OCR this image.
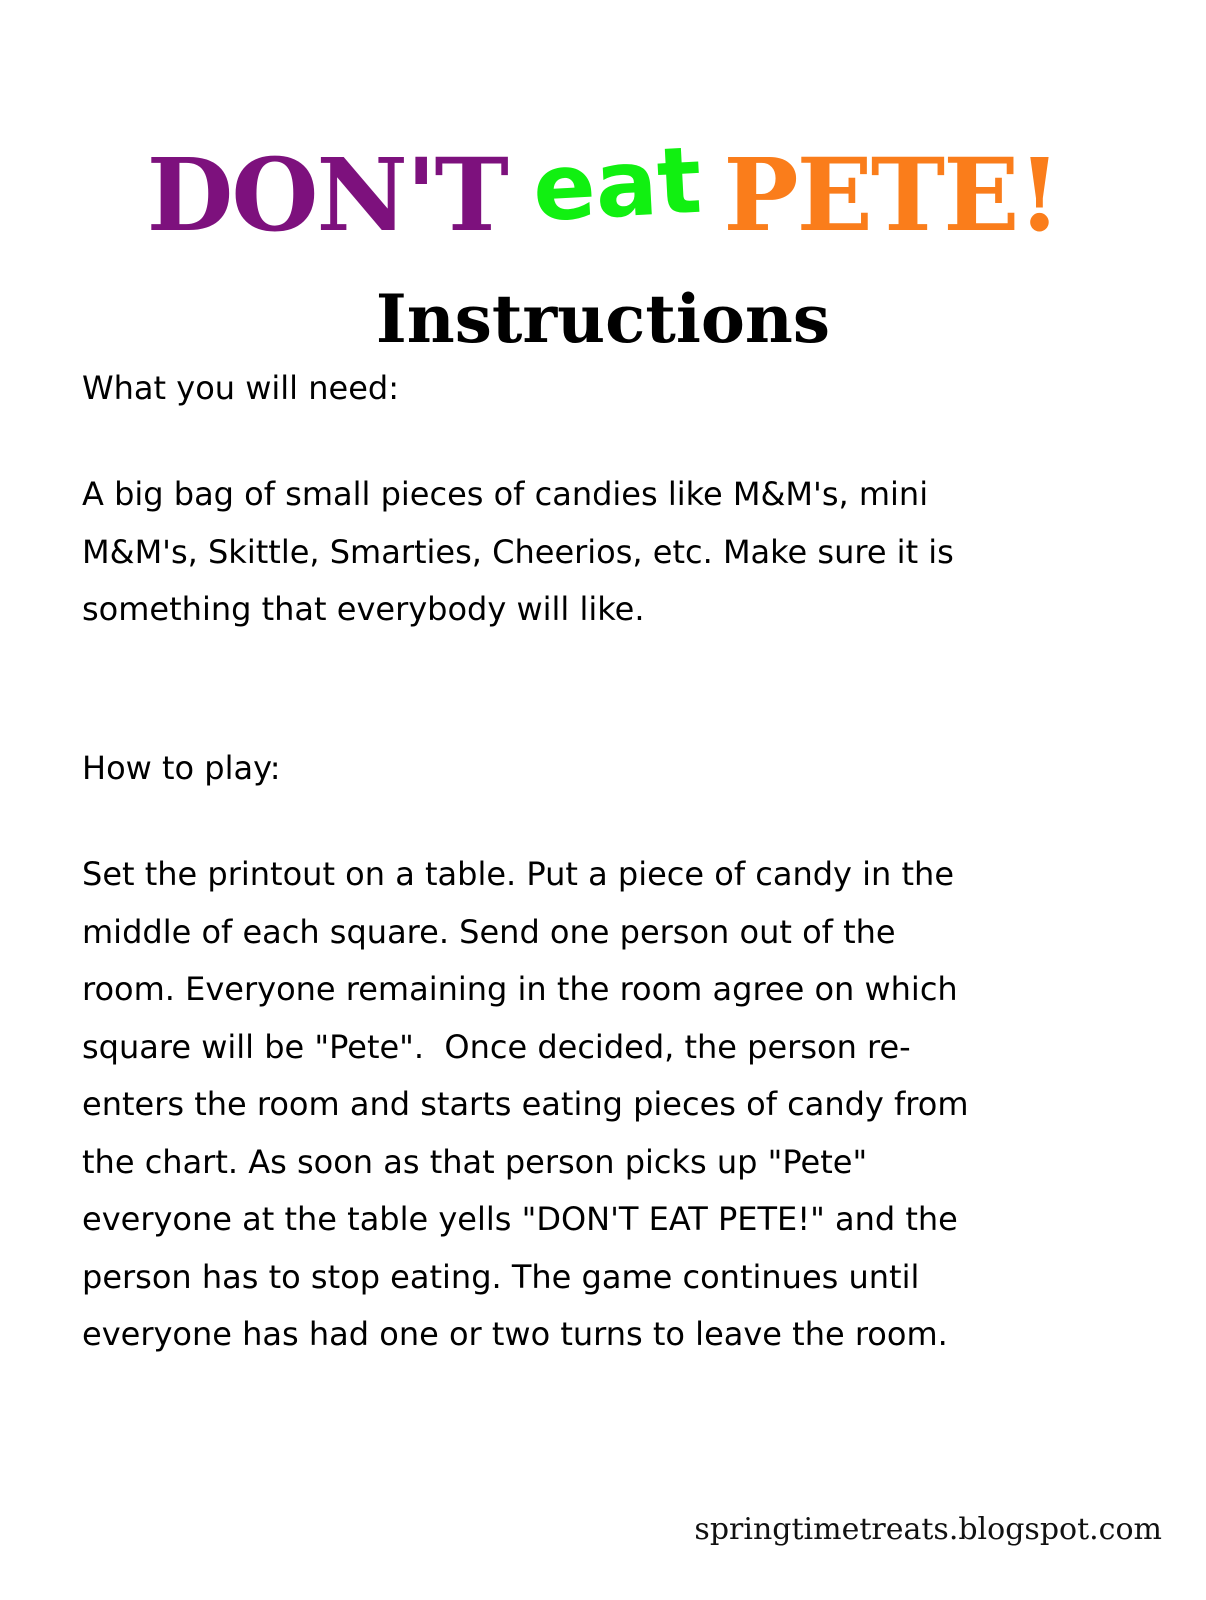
DON'T eat PETE!
Instructions
What you will need:

A big bag of small pieces of candies like M&M's, mini
M&M's, Skittle, Smarties, Cheerios, etc. Make sure it is
something that everybody will like.

How to play:

Set the printout on a table. Put a piece of candy in the
middle of each square. Send one person out of the
room. Everyone remaining in the room agree on which
square will be "Pete".  Once decided, the person re-
enters the room and starts eating pieces of candy from
the chart. As soon as that person picks up "Pete"
everyone at the table yells "DON'T EAT PETE!" and the
person has to stop eating. The game continues until
everyone has had one or two turns to leave the room.

springtimetreats.blogspot.com
